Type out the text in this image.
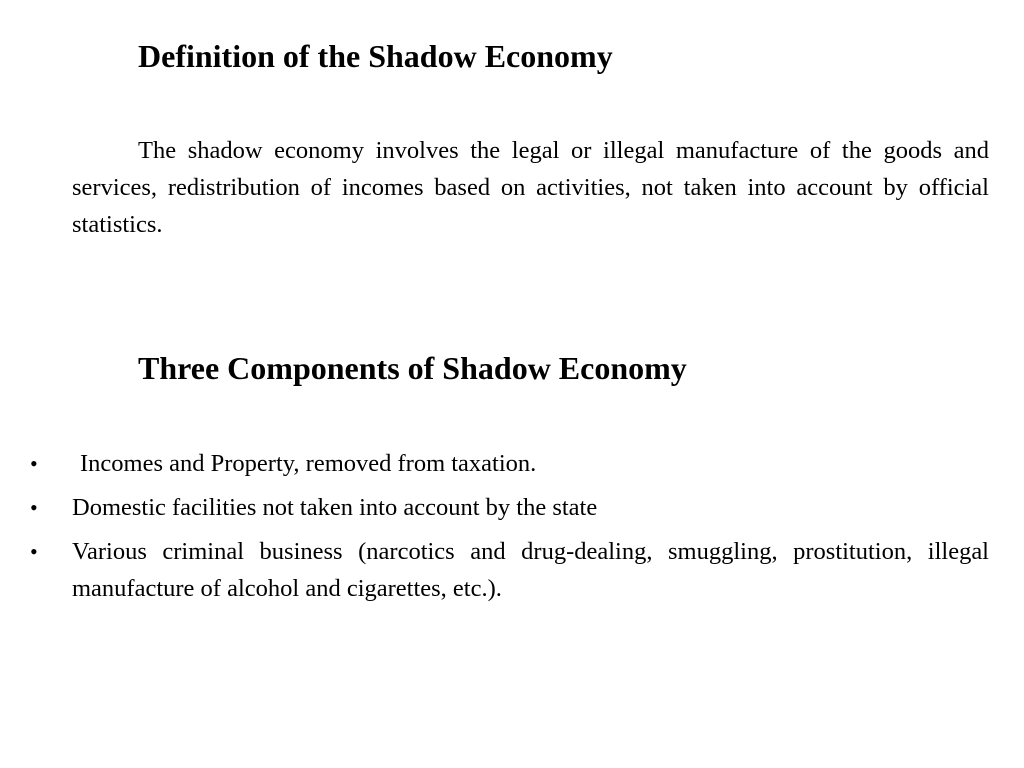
Definition of the Shadow Economy

The shadow economy involves the legal or illegal manufacture of the goods and services, redistribution of incomes based on activities, not taken into account by official statistics.

Three Components of Shadow Economy
• Incomes and Property, removed from taxation.
• Domestic facilities not taken into account by the state
• Various criminal business (narcotics and drug-dealing, smuggling, prostitution, illegal manufacture of alcohol and cigarettes, etc.).
